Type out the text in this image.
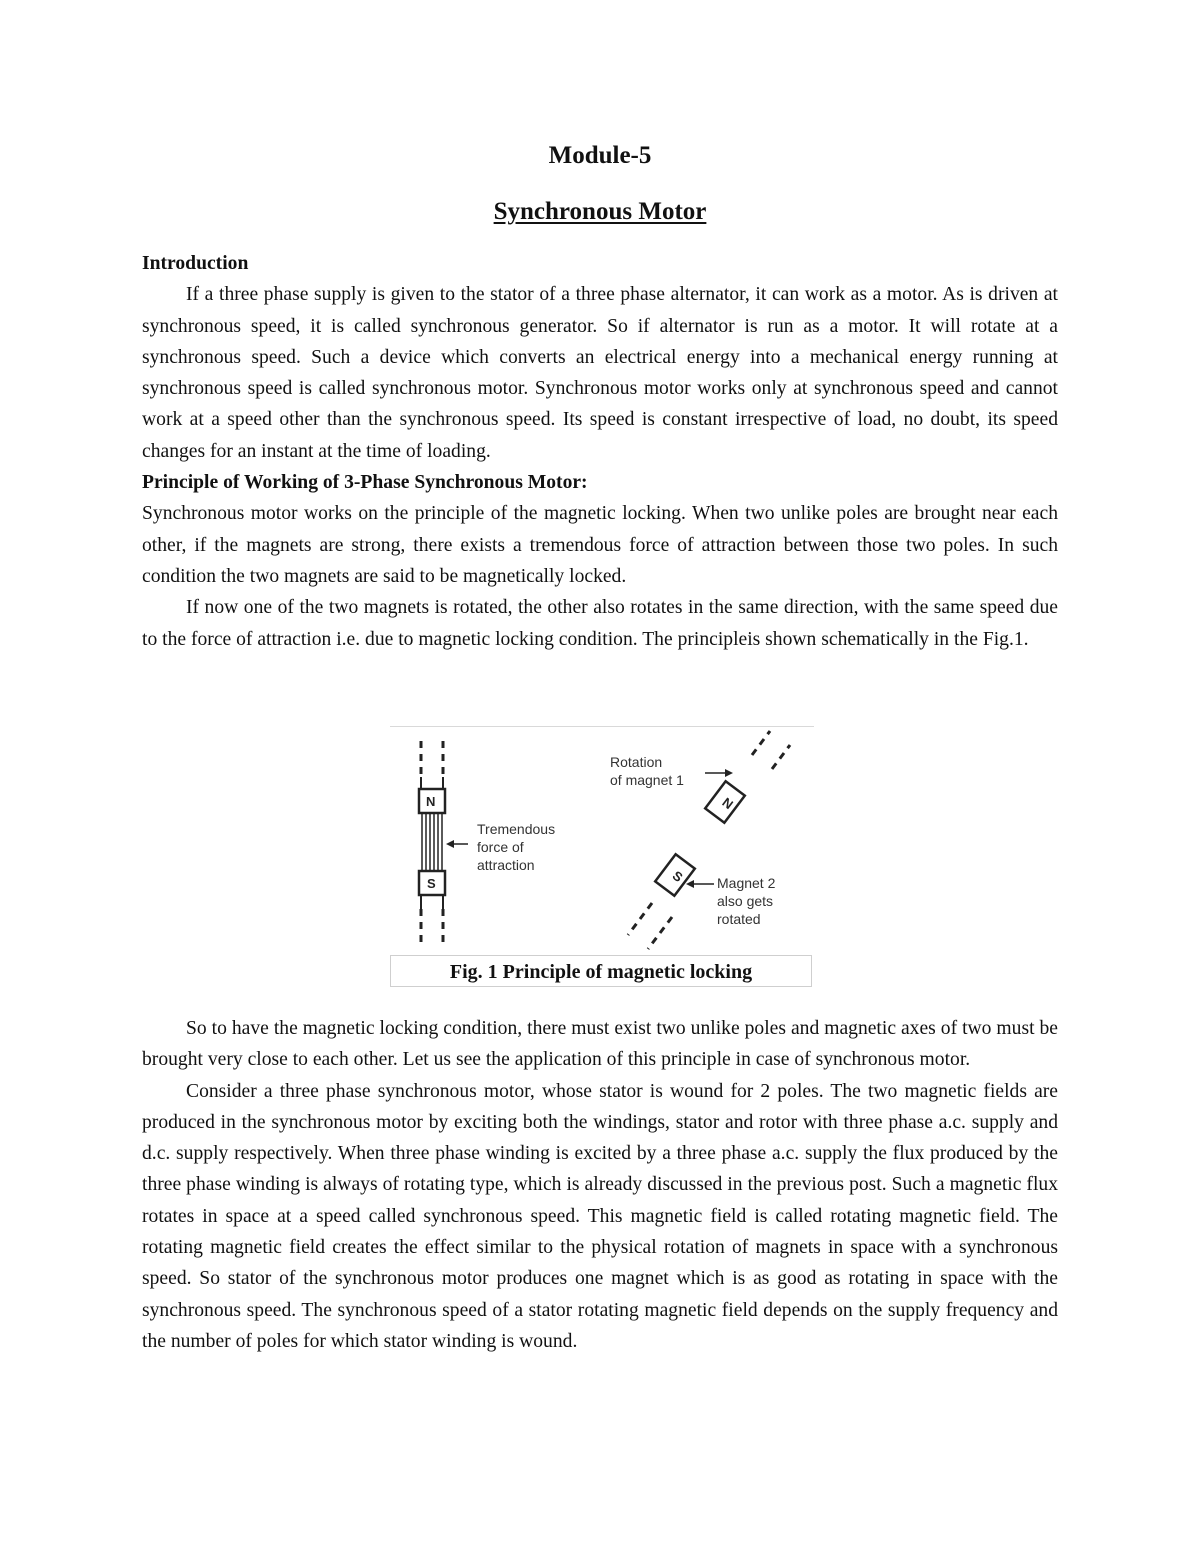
Module-5
Synchronous Motor

Introduction

If a three phase supply is given to the stator of a three phase alternator, it can work as a motor. As is driven at synchronous speed, it is called synchronous generator. So if alternator is run as a motor. It will rotate at a synchronous speed. Such a device which converts an electrical energy into a mechanical energy running at synchronous speed is called synchronous motor. Synchronous motor works only at synchronous speed and cannot work at a speed other than the synchronous speed. Its speed is constant irrespective of load, no doubt, its speed changes for an instant at the time of loading.

Principle of Working of 3-Phase Synchronous Motor:

Synchronous motor works on the principle of the magnetic locking. When two unlike poles are brought near each other, if the magnets are strong, there exists a tremendous force of attraction between those two poles. In such condition the two magnets are said to be magnetically locked.

If now one of the two magnets is rotated, the other also rotates in the same direction, with the same speed due to the force of attraction i.e. due to magnetic locking condition. The principleis shown schematically in the Fig.1.

N
S
Tremendous
force of
attraction
N
S
Rotation
of magnet 1
Magnet 2
also gets
rotated
Fig. 1 Principle of magnetic locking

So to have the magnetic locking condition, there must exist two unlike poles and magnetic axes of two must be brought very close to each other. Let us see the application of this principle in case of synchronous motor.

Consider a three phase synchronous motor, whose stator is wound for 2 poles. The two magnetic fields are produced in the synchronous motor by exciting both the windings, stator and rotor with three phase a.c. supply and d.c. supply respectively. When three phase winding is excited by a three phase a.c. supply the flux produced by the three phase winding is always of rotating type, which is already discussed in the previous post. Such a magnetic flux rotates in space at a speed called synchronous speed. This magnetic field is called rotating magnetic field. The rotating magnetic field creates the effect similar to the physical rotation of magnets in space with a synchronous speed. So stator of the synchronous motor produces one magnet which is as good as rotating in space with the synchronous speed. The synchronous speed of a stator rotating magnetic field depends on the supply frequency and the number of poles for which stator winding is wound.
